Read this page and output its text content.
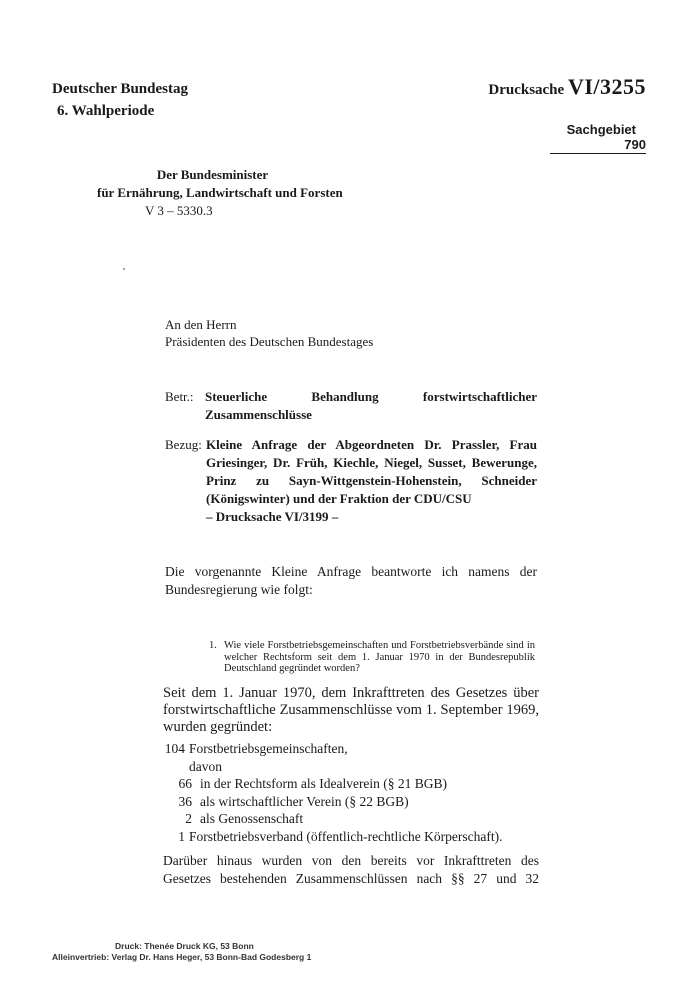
Deutscher Bundestag
6. Wahlperiode
Drucksache VI/3255
Sachgebiet790
Der Bundesminister
für Ernährung, Landwirtschaft und Forsten
V 3 – 5330.3
An den Herrn
Präsidenten des Deutschen Bundestages
Betr.: Steuerliche Behandlung forstwirtschaftlicher Zusammenschlüsse
Bezug: Kleine Anfrage der Abgeordneten Dr. Prassler, Frau Griesinger, Dr. Früh, Kiechle, Niegel, Susset, Bewerunge, Prinz zu Sayn-Wittgenstein-Hohenstein, Schneider (Königswinter) und der Fraktion der CDU/CSU
– Drucksache VI/3199 –
Die vorgenannte Kleine Anfrage beantworte ich namens der Bundesregierung wie folgt:
1. Wie viele Forstbetriebsgemeinschaften und Forstbetriebsverbände sind in welcher Rechtsform seit dem 1. Januar 1970 in der Bundesrepublik Deutschland gegründet worden?
Seit dem 1. Januar 1970, dem Inkrafttreten des Gesetzes über forstwirtschaftliche Zusammenschlüsse vom 1. September 1969, wurden gegründet:
104 Forstbetriebsgemeinschaften,
davon
66 in der Rechtsform als Idealverein (§ 21 BGB)
36 als wirtschaftlicher Verein (§ 22 BGB)
2 als Genossenschaft
1 Forstbetriebsverband (öffentlich-rechtliche Körperschaft).
Darüber hinaus wurden von den bereits vor Inkrafttreten des Gesetzes bestehenden Zusammenschlüssen nach §§ 27 und 32
Druck: Thenée Druck KG, 53 Bonn
Alleinvertrieb: Verlag Dr. Hans Heger, 53 Bonn-Bad Godesberg 1
